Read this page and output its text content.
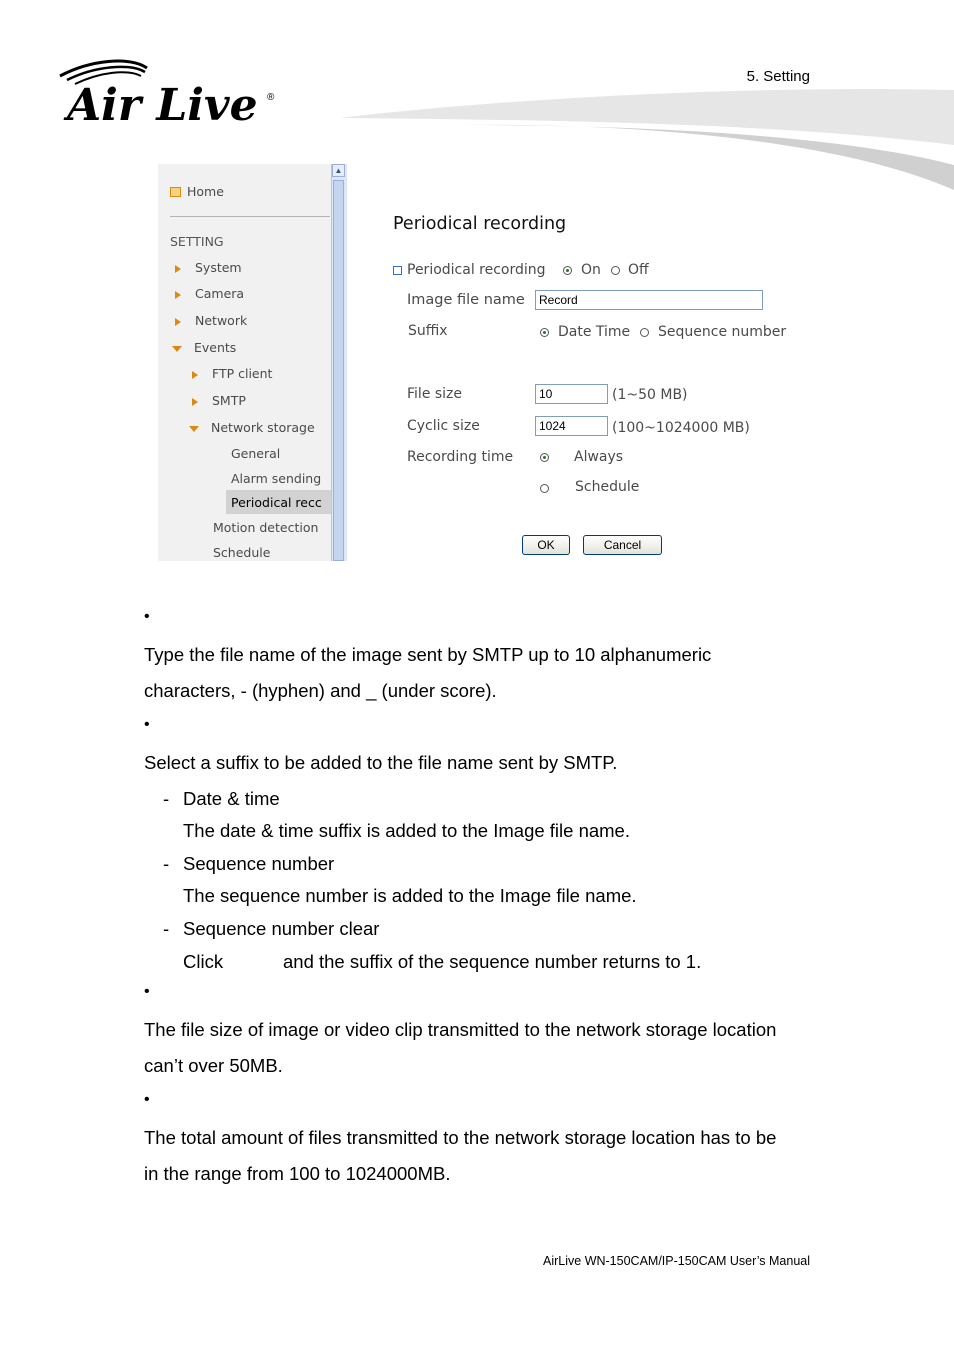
Air Live ®
5. Setting
Home
SETTING
System
Camera
Network
Events
FTP client
SMTP
Network storage
General
Alarm sending
Periodical recc
Motion detection
Schedule
▲
Periodical recording
Periodical recording	On Off
Image file name	Record
Suffix	Date Time Sequence number
File size	10	(1~50 MB)
Cyclic size	1024	(100~1024000 MB)
Recording time	Always
Schedule
OK	Cancel
•
Type the file name of the image sent by SMTP up to 10 alphanumeric
characters, - (hyphen) and _ (under score).
•
Select a suffix to be added to the file name sent by SMTP.
- Date & time
The date & time suffix is added to the Image file name.
- Sequence number
The sequence number is added to the Image file name.
- Sequence number clear
Click	and the suffix of the sequence number returns to 1.
•
The file size of image or video clip transmitted to the network storage location
can’t over 50MB.
•
The total amount of files transmitted to the network storage location has to be
in the range from 100 to 1024000MB.
AirLive WN-150CAM/IP-150CAM User’s Manual
